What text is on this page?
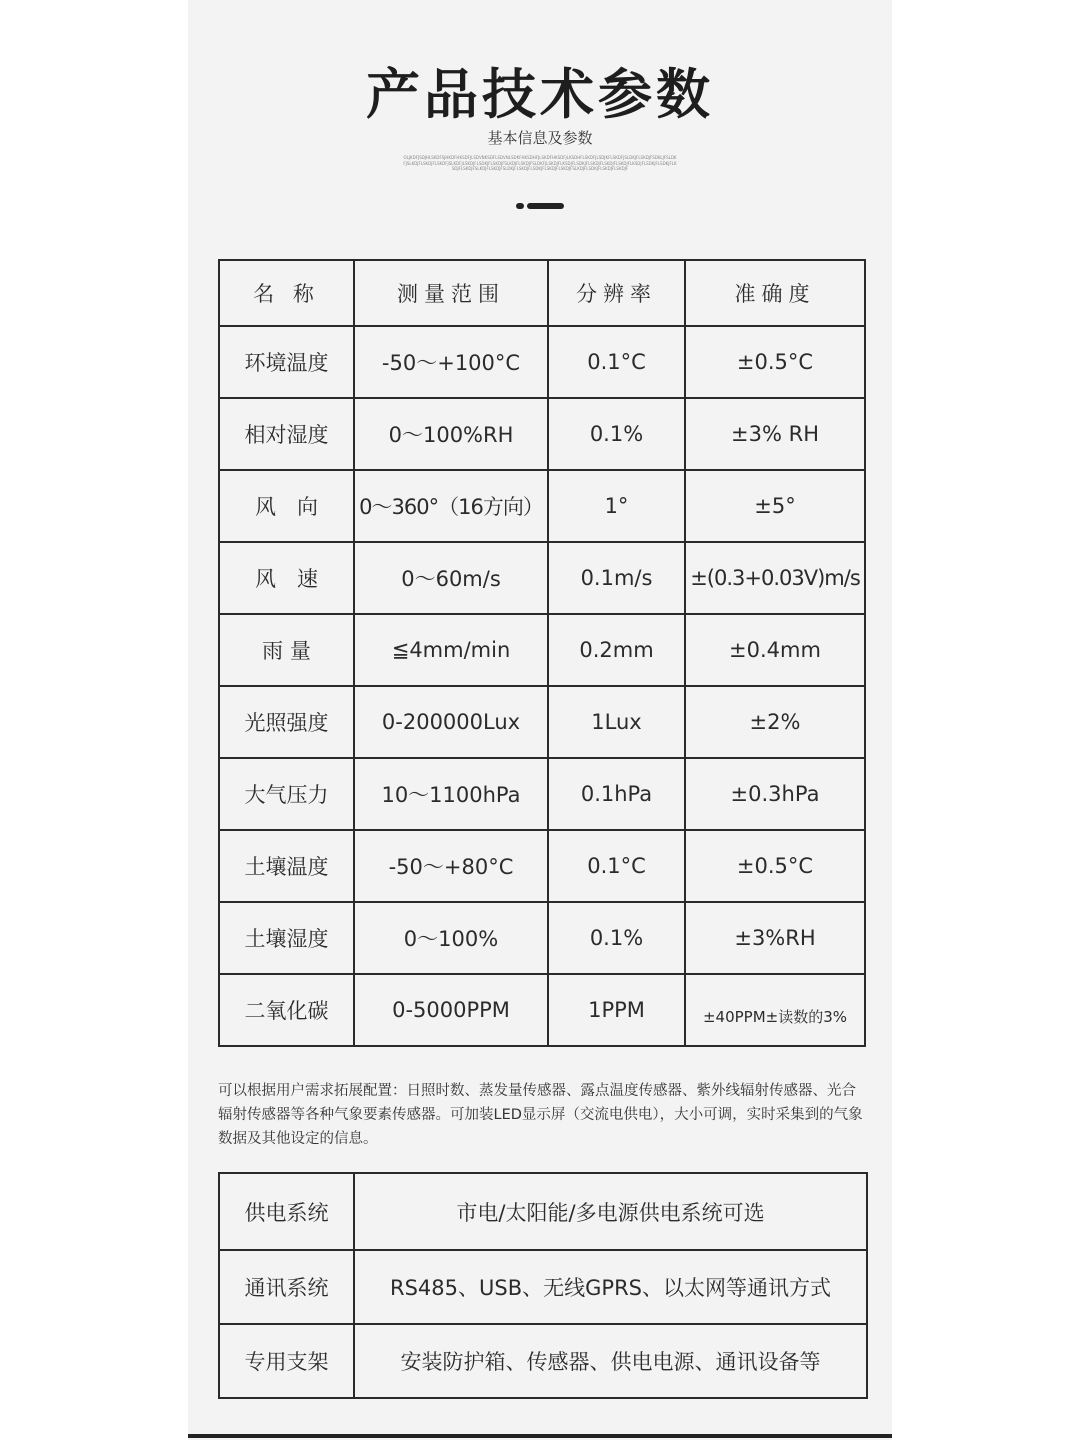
产品技术参数
基本信息及参数
OLJKDFJSDJHLSKDFSJHKDFHKSDFJLSDVNKSDFLSDVNLSDKFHKSDHFJLSKDFHKSDFJLKSDHFLSKDFJLSDJKFLSKDFJSLDKJFLSKDJFSDKLJFSLDKFJSLKDJFLSKDJFLSKDFJSLKDFJLSKDJFLSDKJFLSKDJFSLKDJFLSKDJFSLDKFJLSKDJFLKSDJFLSDKJFLSKDJFLSKDJFLSKDJFLKSDJFLSDKJFLSDKJFLKSDJFLSKDJFSLKDJFLSKDJFSLDKJFLSKDJFLSDKJFLSKDJFLSKDJFSLKDJFLSDKJFLSKDJFLSKDJF
名 称	测量范围	分辨率	准确度
环境温度	-50～+100°C	0.1°C	±0.5°C
相对湿度	0～100%RH	0.1%	±3% RH
风　向	0～360°（16方向）	1°	±5°
风　速	0～60m/s	0.1m/s	±(0.3+0.03V)m/s
雨 量	≦4mm/min	0.2mm	±0.4mm
光照强度	0-200000Lux	1Lux	±2%
大气压力	10～1100hPa	0.1hPa	±0.3hPa
土壤温度	-50～+80°C	0.1°C	±0.5°C
土壤湿度	0～100%	0.1%	±3%RH
二氧化碳	0-5000PPM	1PPM	±40PPM±读数的3%
可以根据用户需求拓展配置：日照时数、蒸发量传感器、露点温度传感器、紫外线辐射传感器、光合辐射传感器等各种气象要素传感器。可加装LED显示屏（交流电供电），大小可调，实时采集到的气象数据及其他设定的信息。
供电系统	市电/太阳能/多电源供电系统可选
通讯系统	RS485、USB、无线GPRS、以太网等通讯方式
专用支架	安装防护箱、传感器、供电电源、通讯设备等
